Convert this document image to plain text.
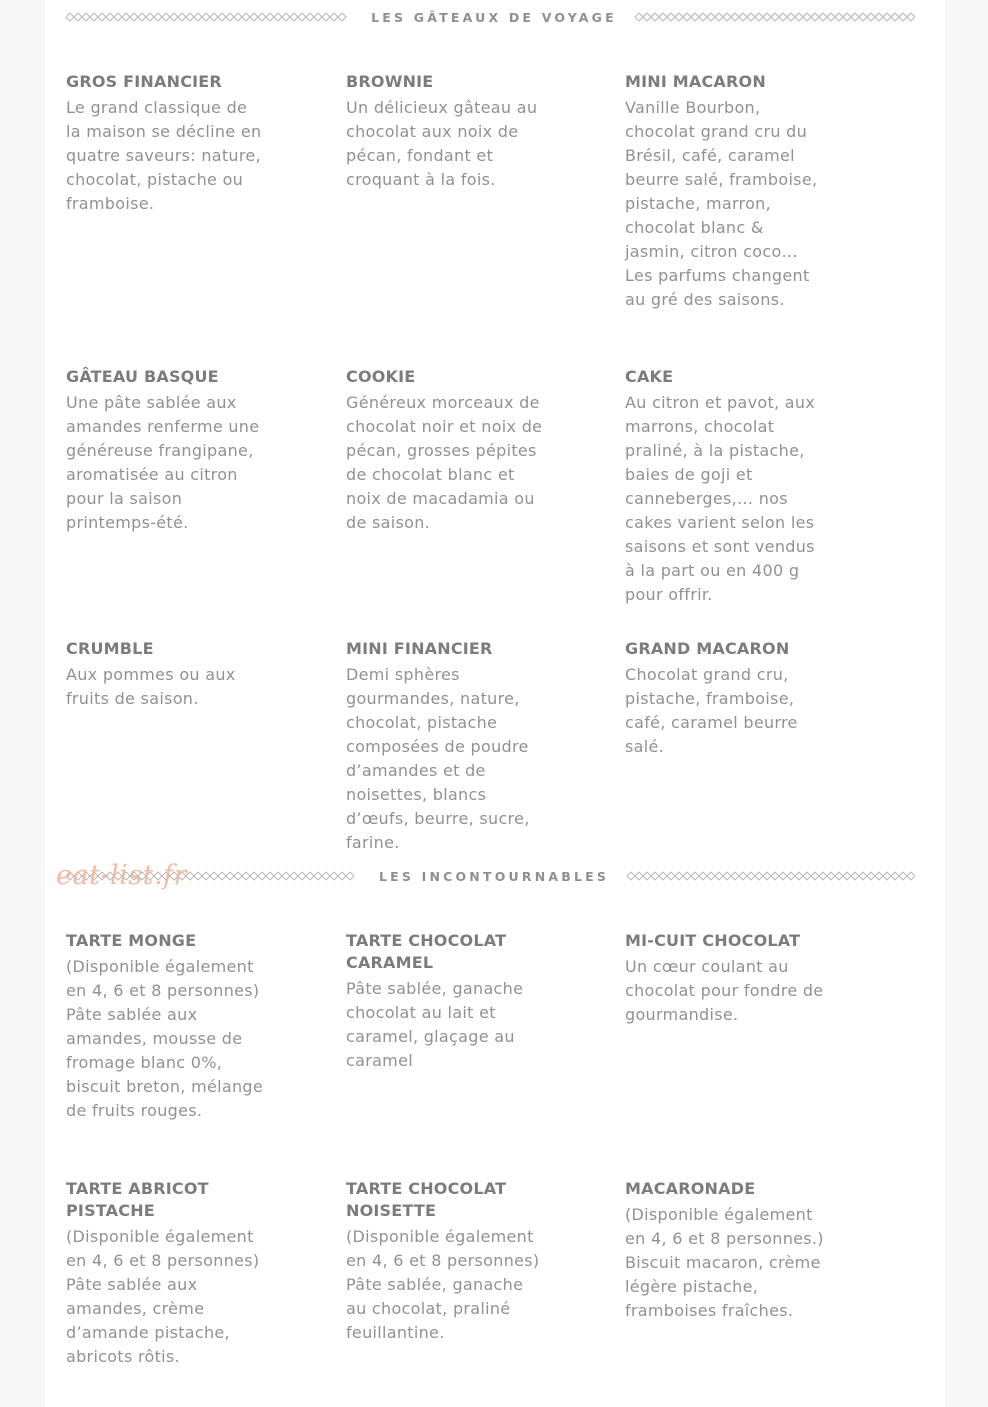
LES GÂTEAUX DE VOYAGE
GROS FINANCIER
Le grand classique de la maison se décline en quatre saveurs: nature, chocolat, pistache ou framboise.
BROWNIE
Un délicieux gâteau au chocolat aux noix de pécan, fondant et croquant à la fois.
MINI MACARON
Vanille Bourbon, chocolat grand cru du Brésil, café, caramel beurre salé, framboise, pistache, marron, chocolat blanc & jasmin, citron coco… Les parfums changent au gré des saisons.
GÂTEAU BASQUE
Une pâte sablée aux amandes renferme une généreuse frangipane, aromatisée au citron pour la saison printemps-été.
COOKIE
Généreux morceaux de chocolat noir et noix de pécan, grosses pépites de chocolat blanc et noix de macadamia ou de saison.
CAKE
Au citron et pavot, aux marrons, chocolat praliné, à la pistache, baies de goji et canneberges,… nos cakes varient selon les saisons et sont vendus à la part ou en 400 g pour offrir.
CRUMBLE
Aux pommes ou aux fruits de saison.
MINI FINANCIER
Demi sphères gourmandes, nature, chocolat, pistache composées de poudre d’amandes et de noisettes, blancs d’œufs, beurre, sucre, farine.
GRAND MACARON
Chocolat grand cru, pistache, framboise, café, caramel beurre salé.
LES INCONTOURNABLES
eat-list.fr
TARTE MONGE
(Disponible également en 4, 6 et 8 personnes) Pâte sablée aux amandes, mousse de fromage blanc 0%, biscuit breton, mélange de fruits rouges.
TARTE CHOCOLAT CARAMEL
Pâte sablée, ganache chocolat au lait et caramel, glaçage au caramel
MI-CUIT CHOCOLAT
Un cœur coulant au chocolat pour fondre de gourmandise.
TARTE ABRICOT PISTACHE
(Disponible également en 4, 6 et 8 personnes) Pâte sablée aux amandes, crème d’amande pistache, abricots rôtis.
TARTE CHOCOLAT NOISETTE
(Disponible également en 4, 6 et 8 personnes) Pâte sablée, ganache au chocolat, praliné feuillantine.
MACARONADE
(Disponible également en 4, 6 et 8 personnes.) Biscuit macaron, crème légère pistache, framboises fraîches.
